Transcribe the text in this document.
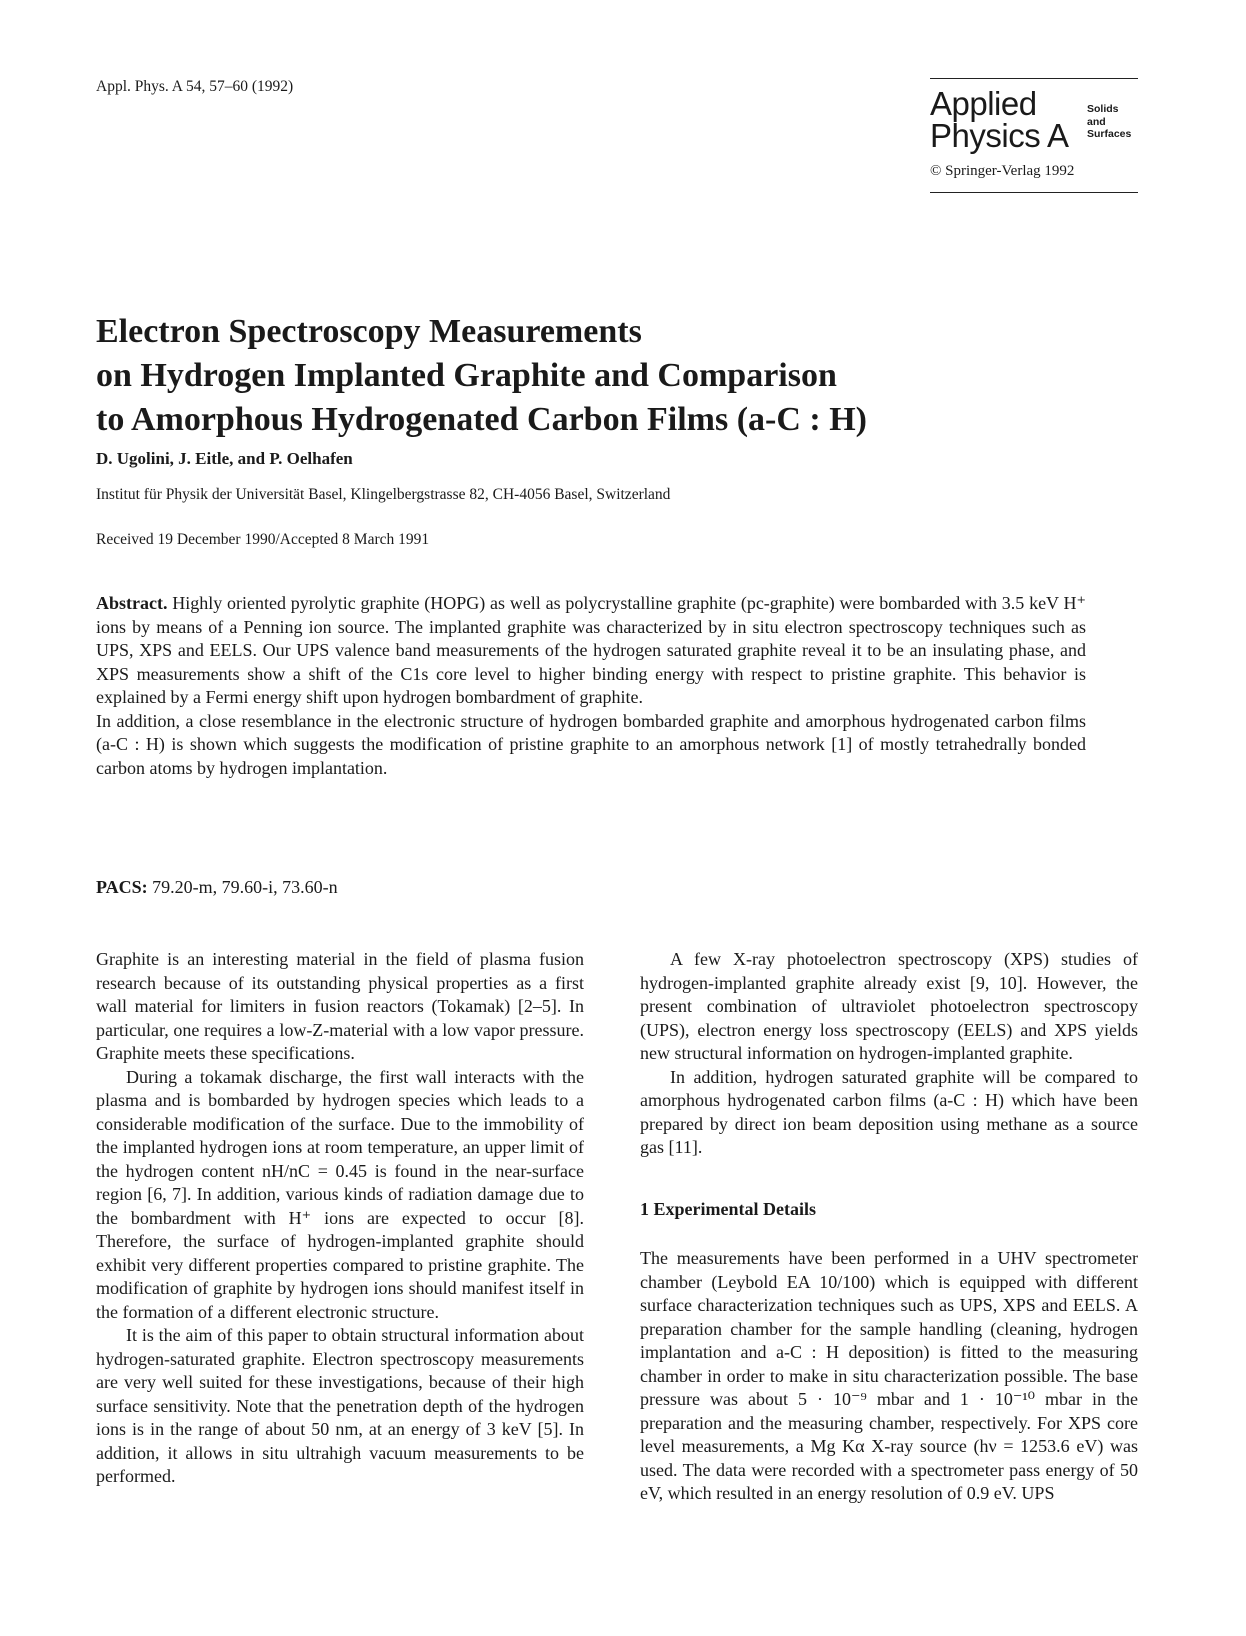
Appl. Phys. A 54, 57–60 (1992)	Applied
Physics A
Solids
and
Surfaces
© Springer-Verlag 1992
Electron Spectroscopy Measurements
on Hydrogen Implanted Graphite and Comparison
to Amorphous Hydrogenated Carbon Films (a-C : H)
D. Ugolini, J. Eitle, and P. Oelhafen
Institut für Physik der Universität Basel, Klingelbergstrasse 82, CH-4056 Basel, Switzerland
Received 19 December 1990/Accepted 8 March 1991

Abstract. Highly oriented pyrolytic graphite (HOPG) as well as polycrystalline graphite (pc-graphite) were bombarded with 3.5 keV H⁺ ions by means of a Penning ion source. The implanted graphite was characterized by in situ electron spectroscopy techniques such as UPS, XPS and EELS. Our UPS valence band measurements of the hydrogen saturated graphite reveal it to be an insulating phase, and XPS measurements show a shift of the C1s core level to higher binding energy with respect to pristine graphite. This behavior is explained by a Fermi energy shift upon hydrogen bombardment of graphite.

In addition, a close resemblance in the electronic structure of hydrogen bombarded graphite and amorphous hydrogenated carbon films (a-C : H) is shown which suggests the modification of pristine graphite to an amorphous network [1] of mostly tetrahedrally bonded carbon atoms by hydrogen implantation.

PACS: 79.20-m, 79.60-i, 73.60-n

Graphite is an interesting material in the field of plasma fusion research because of its outstanding physical properties as a first wall material for limiters in fusion reactors (Tokamak) [2–5]. In particular, one requires a low-Z-material with a low vapor pressure. Graphite meets these specifications.

During a tokamak discharge, the first wall interacts with the plasma and is bombarded by hydrogen species which leads to a considerable modification of the surface. Due to the immobility of the implanted hydrogen ions at room temperature, an upper limit of the hydrogen content nH/nC = 0.45 is found in the near-surface region [6, 7]. In addition, various kinds of radiation damage due to the bombardment with H⁺ ions are expected to occur [8]. Therefore, the surface of hydrogen-implanted graphite should exhibit very different properties compared to pristine graphite. The modification of graphite by hydrogen ions should manifest itself in the formation of a different electronic structure.

It is the aim of this paper to obtain structural information about hydrogen-saturated graphite. Electron spectroscopy measurements are very well suited for these investigations, because of their high surface sensitivity. Note that the penetration depth of the hydrogen ions is in the range of about 50 nm, at an energy of 3 keV [5]. In addition, it allows in situ ultrahigh vacuum measurements to be performed.

A few X-ray photoelectron spectroscopy (XPS) studies of hydrogen-implanted graphite already exist [9, 10]. However, the present combination of ultraviolet photoelectron spectroscopy (UPS), electron energy loss spectroscopy (EELS) and XPS yields new structural information on hydrogen-implanted graphite.

In addition, hydrogen saturated graphite will be compared to amorphous hydrogenated carbon films (a-C : H) which have been prepared by direct ion beam deposition using methane as a source gas [11].

1 Experimental Details

The measurements have been performed in a UHV spectrometer chamber (Leybold EA 10/100) which is equipped with different surface characterization techniques such as UPS, XPS and EELS. A preparation chamber for the sample handling (cleaning, hydrogen implantation and a-C : H deposition) is fitted to the measuring chamber in order to make in situ characterization possible. The base pressure was about 5 · 10⁻⁹ mbar and 1 · 10⁻¹⁰ mbar in the preparation and the measuring chamber, respectively. For XPS core level measurements, a Mg Kα X-ray source (hν = 1253.6 eV) was used. The data were recorded with a spectrometer pass energy of 50 eV, which resulted in an energy resolution of 0.9 eV. UPS
